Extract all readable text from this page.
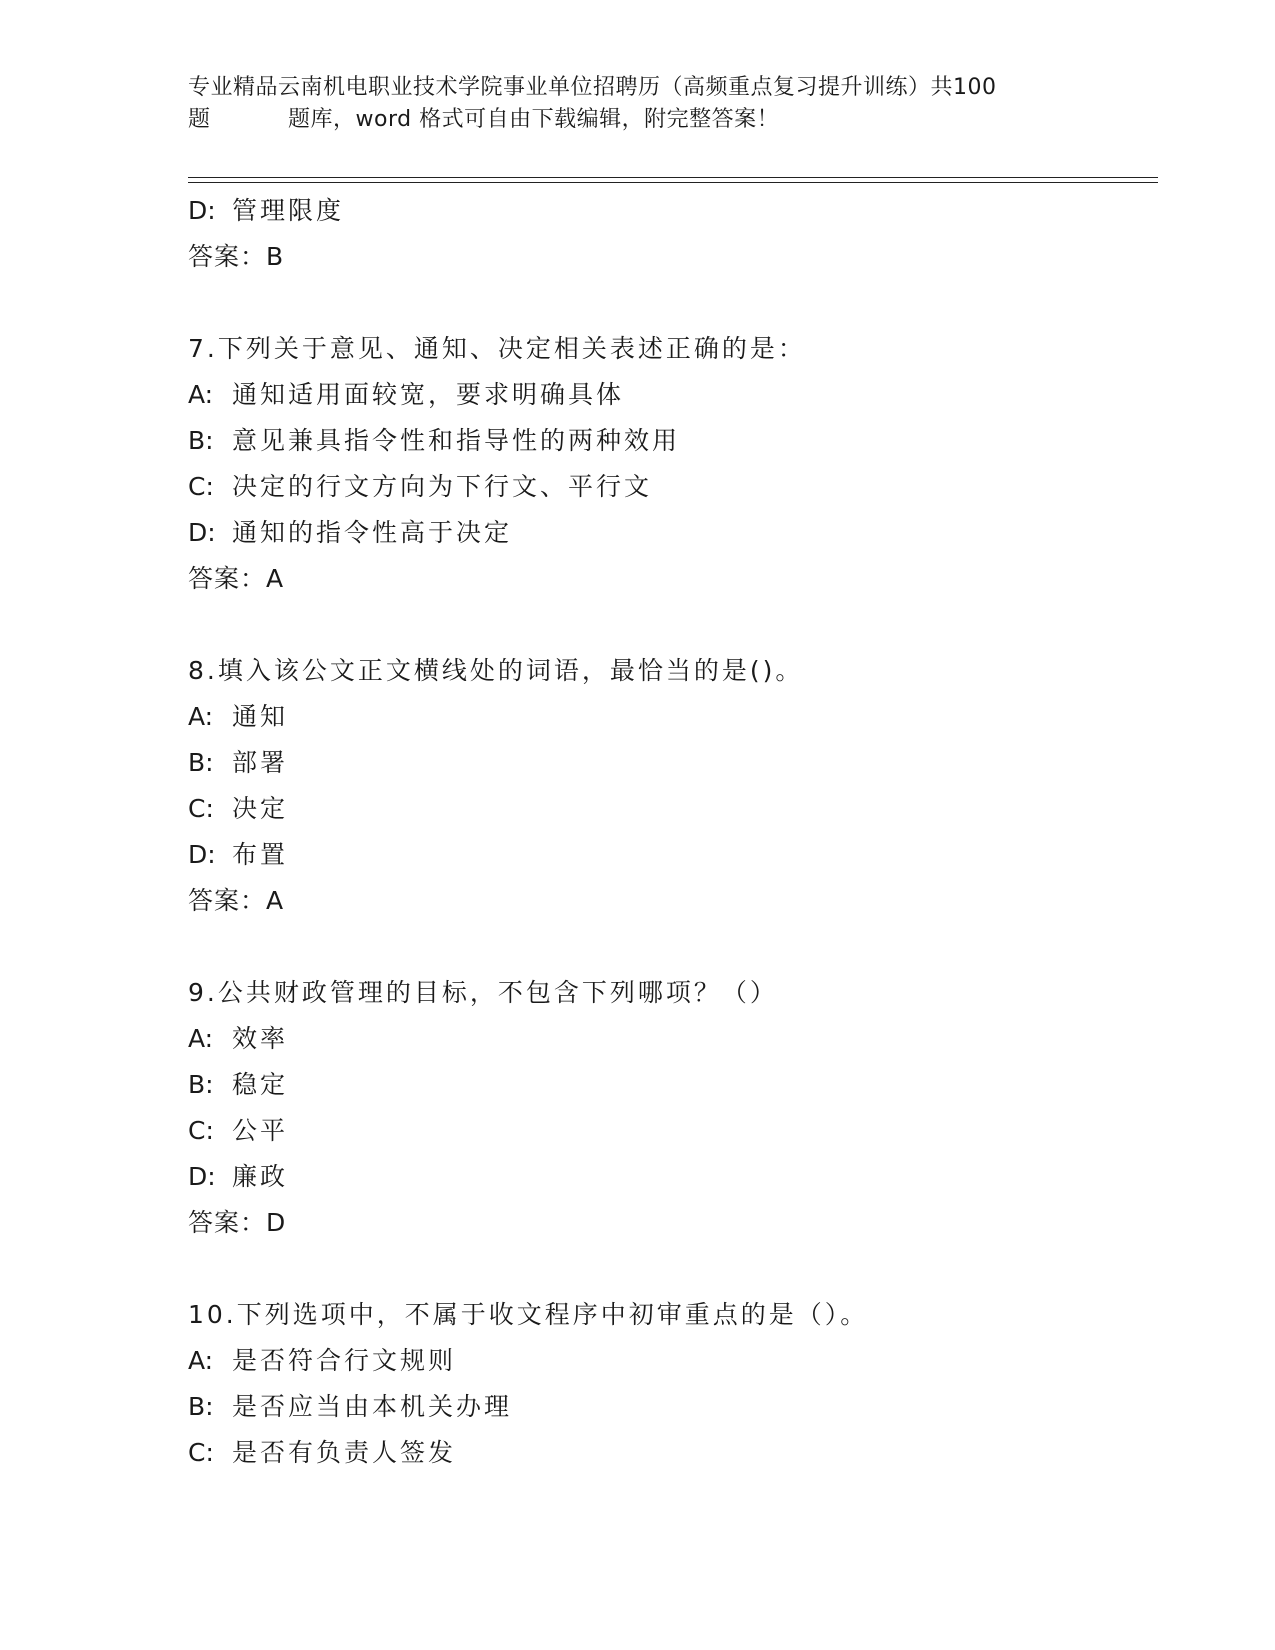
专业精品云南机电职业技术学院事业单位招聘历（高频重点复习提升训练）共100
题	题库，word 格式可自由下载编辑，附完整答案！
D: 管理限度
答案：B
7.下列关于意见、通知、决定相关表述正确的是：
A: 通知适用面较宽，要求明确具体
B: 意见兼具指令性和指导性的两种效用
C: 决定的行文方向为下行文、平行文
D: 通知的指令性高于决定
答案：A
8.填入该公文正文横线处的词语，最恰当的是()。
A: 通知
B: 部署
C: 决定
D: 布置
答案：A
9.公共财政管理的目标，不包含下列哪项？（）
A: 效率
B: 稳定
C: 公平
D: 廉政
答案：D
10.下列选项中，不属于收文程序中初审重点的是（）。
A: 是否符合行文规则
B: 是否应当由本机关办理
C: 是否有负责人签发
